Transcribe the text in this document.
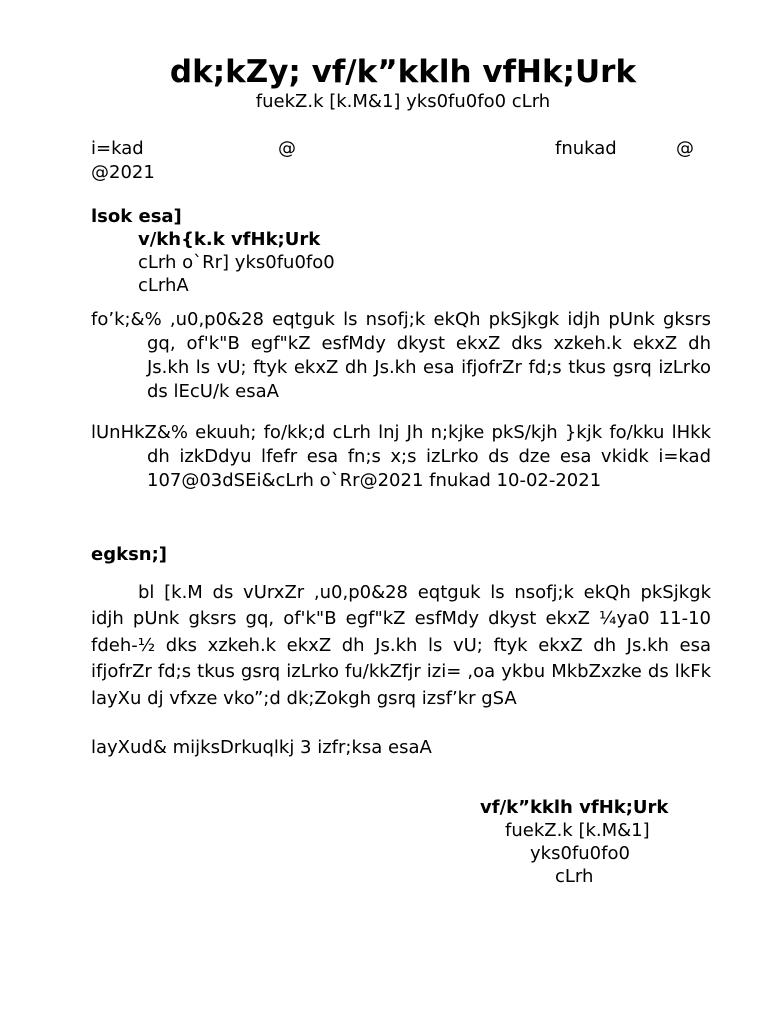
dk;kZy; vf/k”kklh vfHk;Urk
fuekZ.k [k.M&1] yks0fu0fo0 cLrh
i=kad	@	fnukad	@
@2021
lsok esa]
v/kh{k.k vfHk;Urk
cLrh o`Rr] yks0fu0fo0
cLrhA
fo’k;&% ,u0,p0&28 eqtguk ls nsofj;k ekQh pkSjkgk idjh pUnk gksrs gq, of'k"B egf"kZ esfMdy dkyst ekxZ dks xzkeh.k ekxZ dh Js.kh ls vU; ftyk ekxZ dh Js.kh esa ifjofrZr fd;s tkus gsrq izLrko ds lEcU/k esaA
lUnHkZ&% ekuuh; fo/kk;d cLrh lnj Jh n;kjke pkS/kjh }kjk fo/kku lHkk dh izkDdyu lfefr esa fn;s x;s izLrko ds dze esa vkidk i=kad 107@03dSEi&cLrh o`Rr@2021 fnukad 10-02-2021
egksn;]

bl [k.M ds vUrxZr ,u0,p0&28 eqtguk ls nsofj;k ekQh pkSjkgk idjh pUnk gksrs gq, of'k"B egf"kZ esfMdy dkyst ekxZ ¼ya0 11-10 fdeh-½ dks xzkeh.k ekxZ dh Js.kh ls vU; ftyk ekxZ dh Js.kh esa ifjofrZr fd;s tkus gsrq izLrko fu/kkZfjr izi= ,oa ykbu MkbZxzke ds lkFk layXu dj vfxze vko”;d dk;Zokgh gsrq izsf’kr gSA

layXud& mijksDrkuqlkj 3 izfr;ksa esaA
vf/k”kklh vfHk;Urk
fuekZ.k [k.M&1]
yks0fu0fo0
cLrh
